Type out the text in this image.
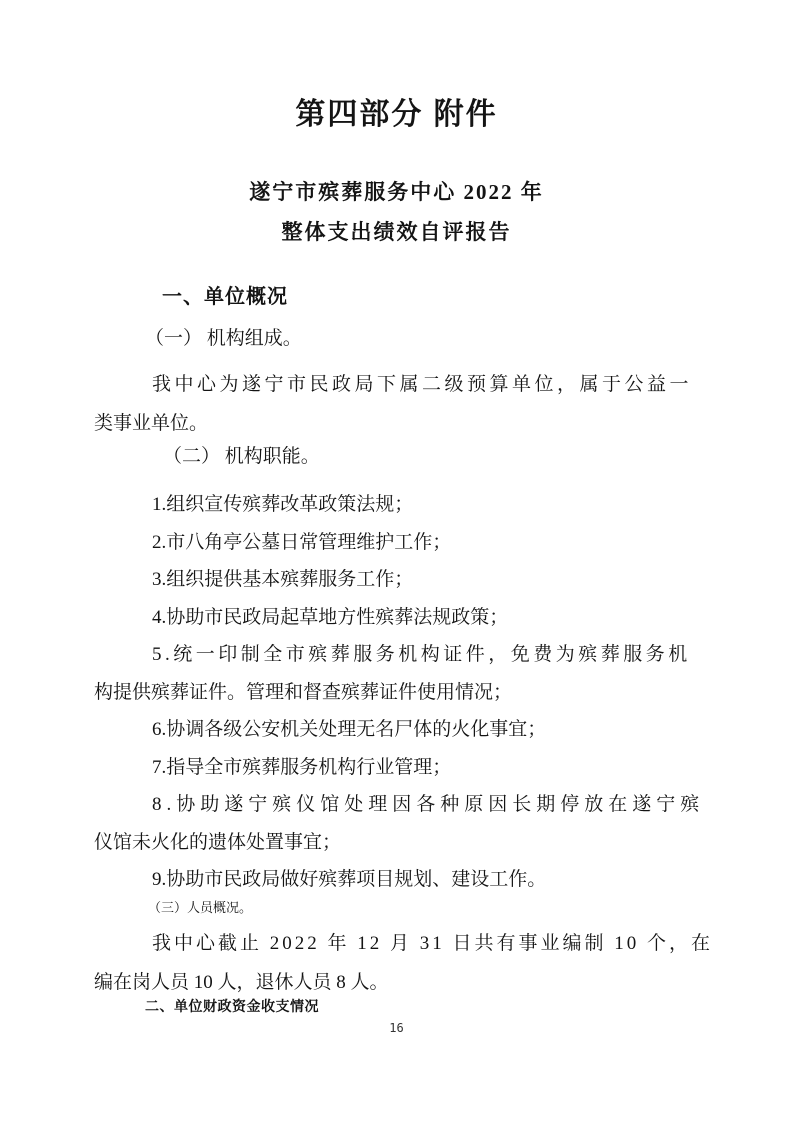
第四部分 附件
遂宁市殡葬服务中心 2022 年
整体支出绩效自评报告
一、单位概况
（一） 机构组成。
我中心为遂宁市民政局下属二级预算单位，属于公益一
类事业单位。
（二） 机构职能。
1.组织宣传殡葬改革政策法规；
2.市八角亭公墓日常管理维护工作；
3.组织提供基本殡葬服务工作；
4.协助市民政局起草地方性殡葬法规政策；
5.统一印制全市殡葬服务机构证件，免费为殡葬服务机
构提供殡葬证件。管理和督查殡葬证件使用情况；
6.协调各级公安机关处理无名尸体的火化事宜；
7.指导全市殡葬服务机构行业管理；
8.协助遂宁殡仪馆处理因各种原因长期停放在遂宁殡
仪馆未火化的遗体处置事宜；
9.协助市民政局做好殡葬项目规划、建设工作。
（三）人员概况。
我中心截止 2022 年 12 月 31 日共有事业编制 10 个，在
编在岗人员 10 人，退休人员 8 人。
二、单位财政资金收支情况
16
